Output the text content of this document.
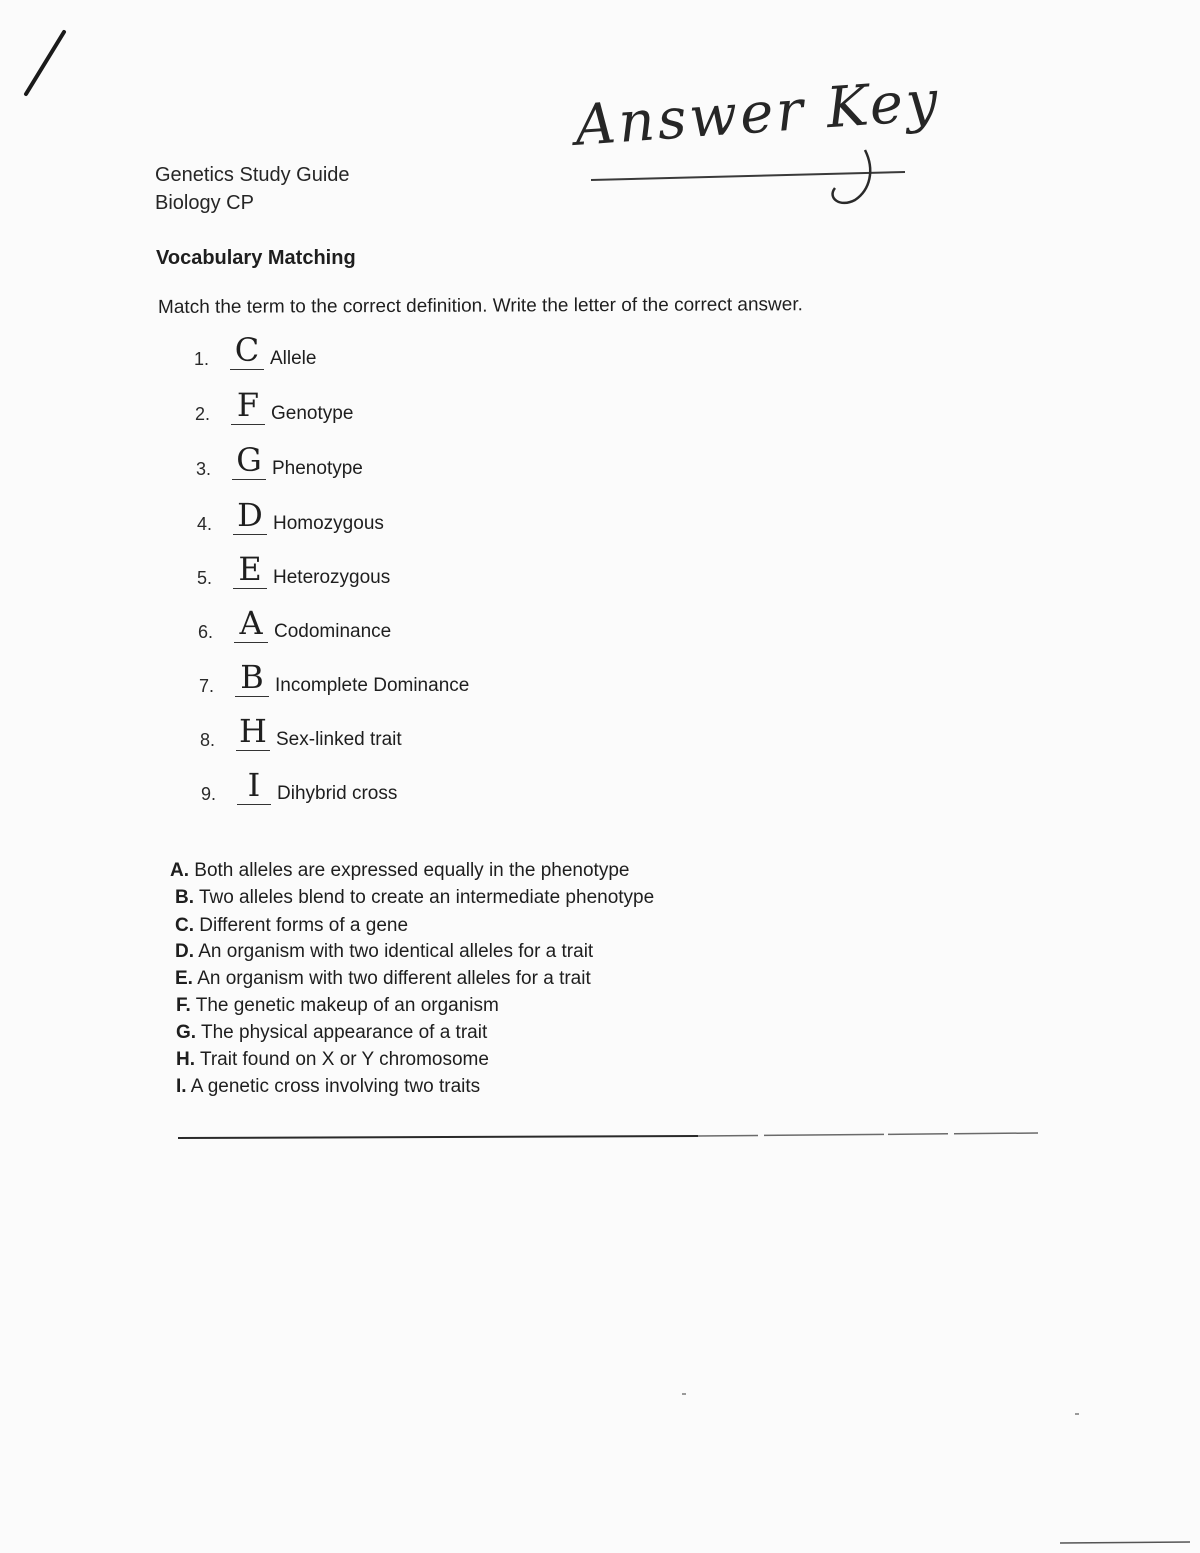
Answer Key
Genetics Study Guide
Biology CP
Vocabulary Matching
Match the term to the correct definition. Write the letter of the correct answer.
1. C Allele
2. F Genotype
3. G Phenotype
4. D Homozygous
5. E Heterozygous
6. A Codominance
7. B Incomplete Dominance
8. H Sex-linked trait
9. I Dihybrid cross
A. Both alleles are expressed equally in the phenotype
B. Two alleles blend to create an intermediate phenotype
C. Different forms of a gene
D. An organism with two identical alleles for a trait
E. An organism with two different alleles for a trait
F. The genetic makeup of an organism
G. The physical appearance of a trait
H. Trait found on X or Y chromosome
I. A genetic cross involving two traits
